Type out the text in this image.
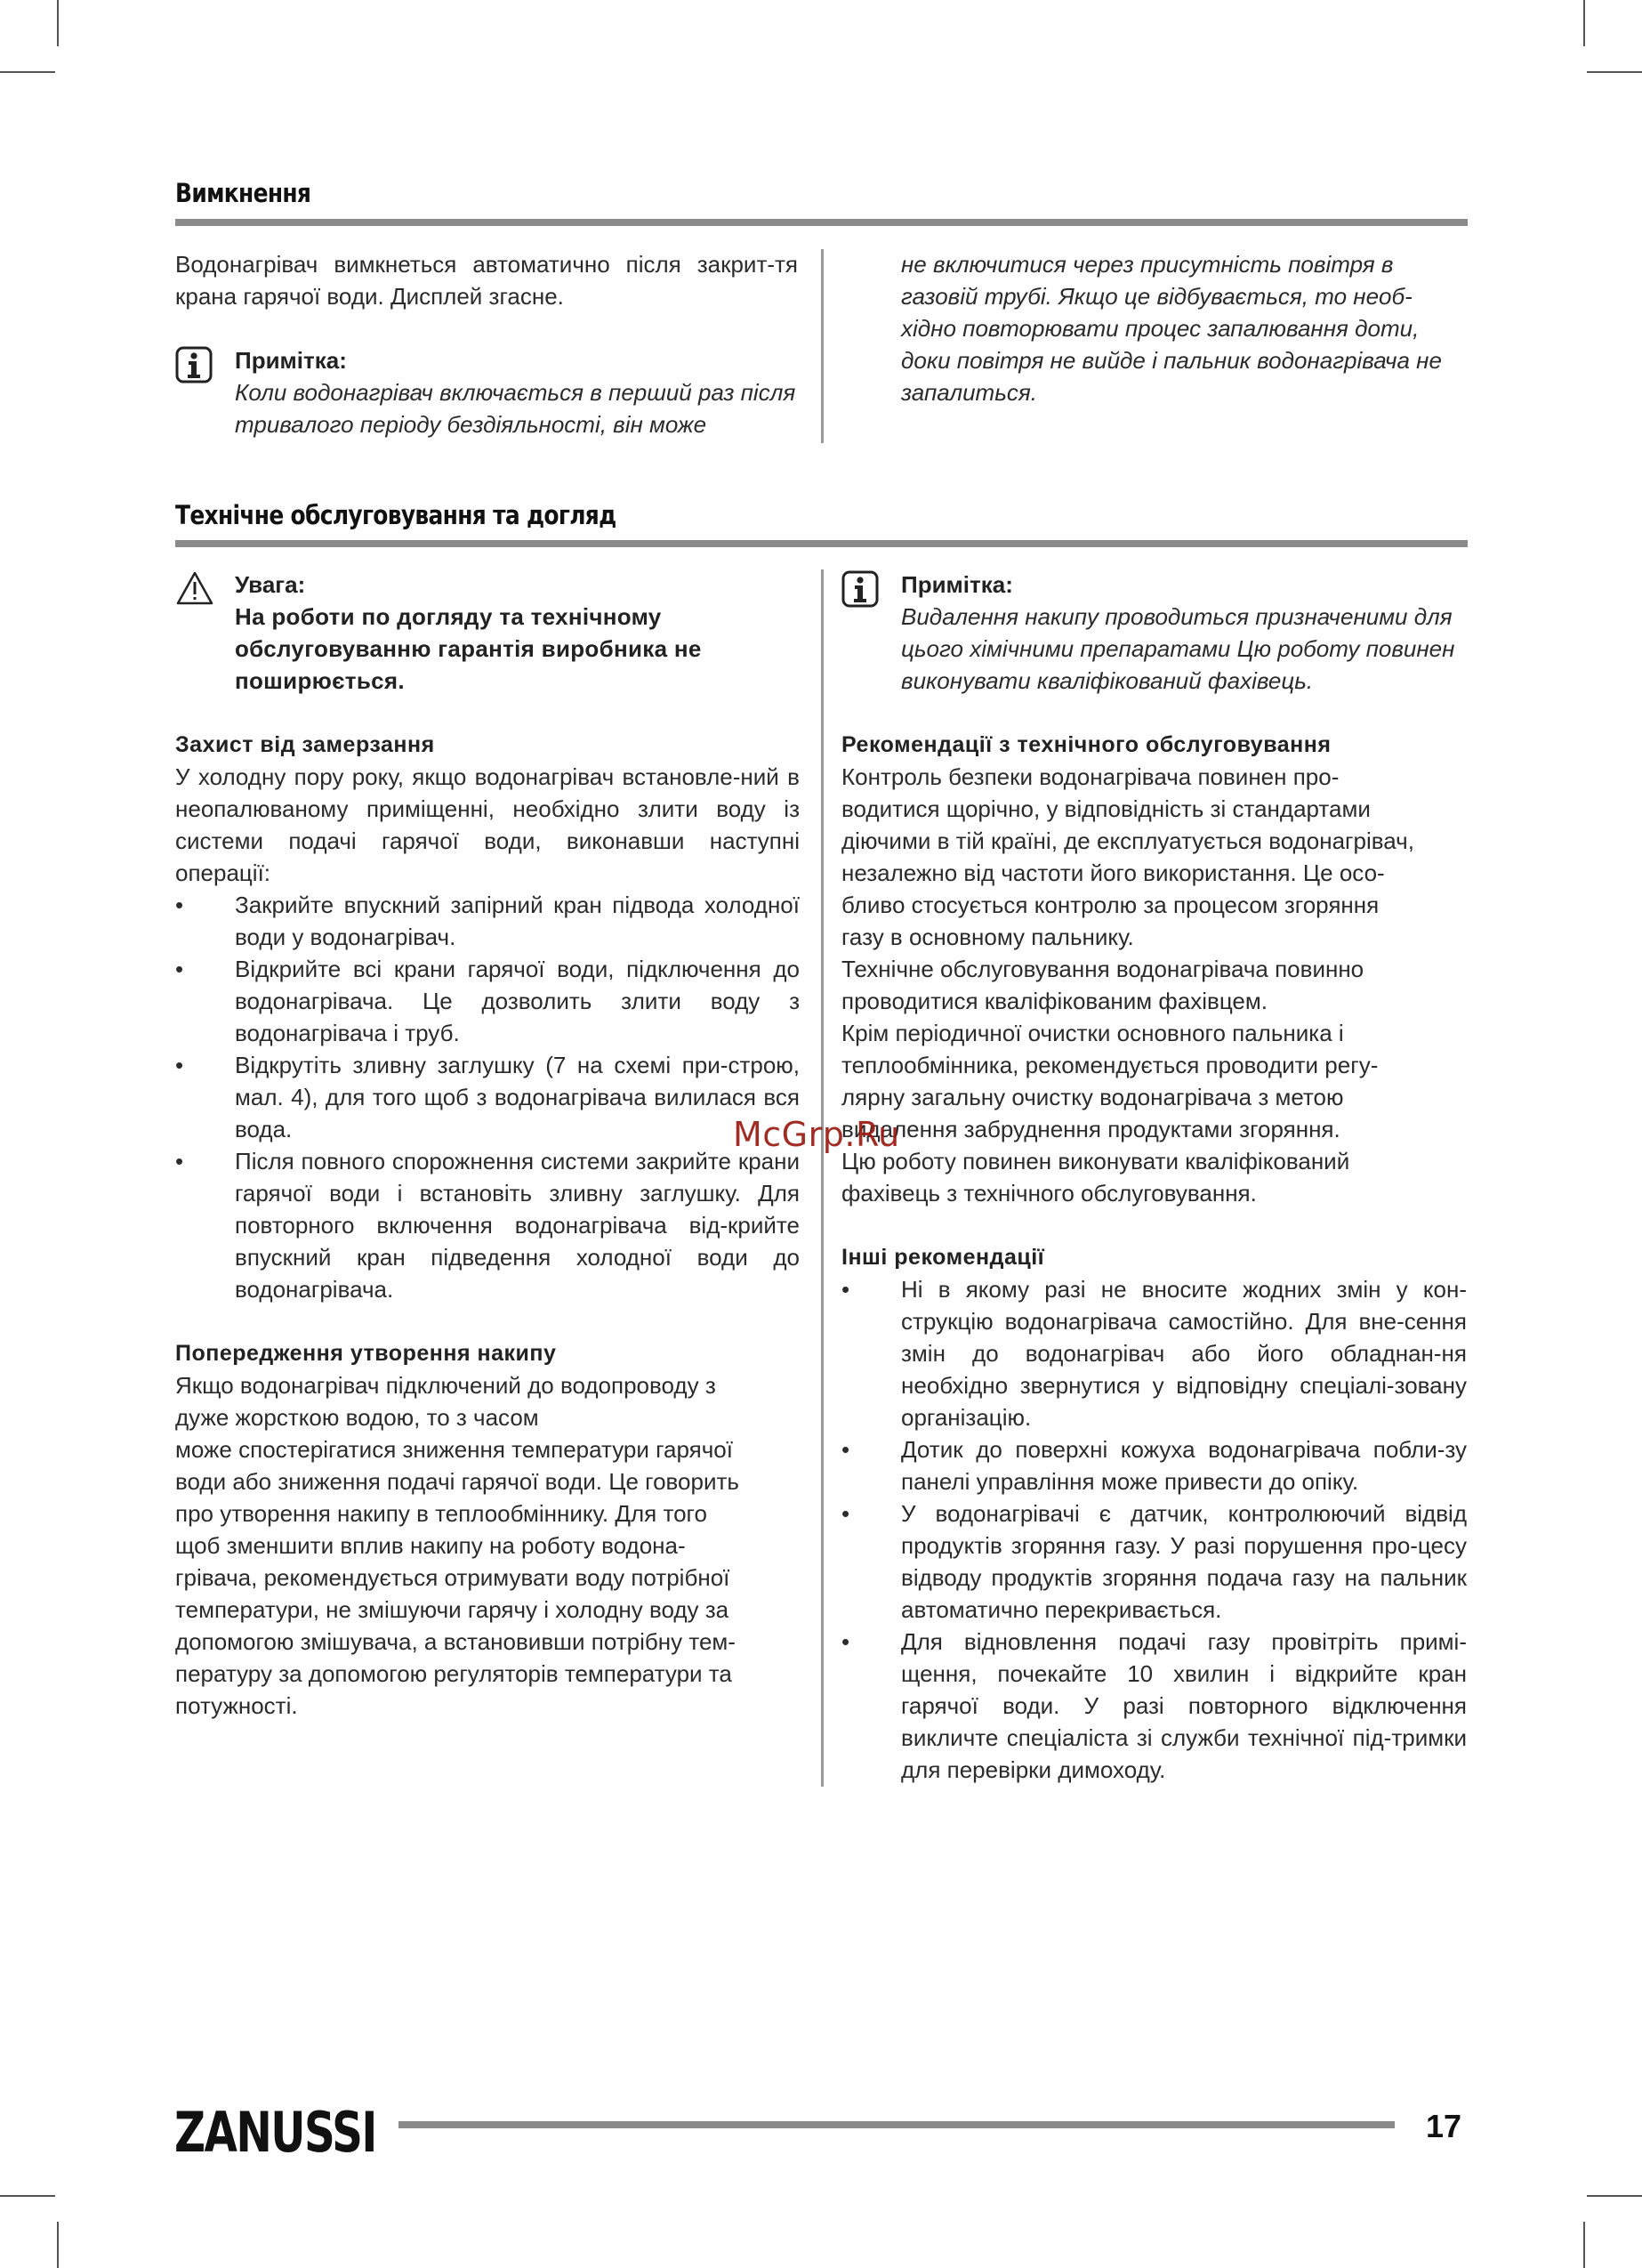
Вимкнення

Водонагрівач вимкнеться автоматично після закрит-тя крана гарячої води. Дисплей згасне.

Примітка:
Коли водонагрівач включається в перший раз після тривалого періоду бездіяльності, він може
не включитися через присутність повітря в газовій трубі. Якщо це відбувається, то необ-хідно повторювати процес запалювання доти, доки повітря не вийде і пальник водонагрівача не запалиться.
Технічне обслуговування та догляд
Увага:
На роботи по догляду та технічному обслуговуванню гарантія виробника не поширюється.
Захист від замерзання

У холодну пору року, якщо водонагрівач встановле-ний в неопалюваному приміщенні, необхідно злити воду із системи подачі гарячої води, виконавши наступні операції:

• Закрийте впускний запірний кран підвода холодної води у водонагрівач.
• Відкрийте всі крани гарячої води, підключення до водонагрівача. Це дозволить злити воду з водонагрівача і труб.
• Відкрутіть зливну заглушку (7 на схемі при-строю, мал. 4), для того щоб з водонагрівача вилилася вся вода.
• Після повного спорожнення системи закрийте крани гарячої води і встановіть зливну заглушку. Для повторного включення водонагрівача від-крийте впускний кран підведення холодної води до водонагрівача.
Попередження утворення накипу
Якщо водонагрівач підключений до водопроводу з
дуже жорсткою водою, то з часом
може спостерігатися зниження температури гарячої
води або зниження подачі гарячої води. Це говорить
про утворення накипу в теплообміннику. Для того
щоб зменшити вплив накипу на роботу водона-
грівача, рекомендується отримувати воду потрібної
температури, не змішуючи гарячу і холодну воду за
допомогою змішувача, а встановивши потрібну тем-
пературу за допомогою регуляторів температури та
потужності.
Примітка:
Видалення накипу проводиться призначеними для цього хімічними препаратами Цю роботу повинен виконувати кваліфікований фахівець.
Рекомендації з технічного обслуговування
Контроль безпеки водонагрівача повинен про-
водитися щорічно, у відповідність зі стандартами
діючими в тій країні, де експлуатується водонагрівач,
незалежно від частоти його використання. Це осо-
бливо стосується контролю за процесом згоряння
газу в основному пальнику.
Технічне обслуговування водонагрівача повинно
проводитися кваліфікованим фахівцем.
Крім періодичної очистки основного пальника і
теплообмінника, рекомендується проводити регу-
лярну загальну очистку водонагрівача з метою
видалення забруднення продуктами згоряння.
Цю роботу повинен виконувати кваліфікований
фахівець з технічного обслуговування.
Інші рекомендації
• Ні в якому разі не вносите жодних змін у кон-струкцію водонагрівача самостійно. Для вне-сення змін до водонагрівач або його обладнан-ня необхідно звернутися у відповідну спеціалі-зовану організацію.
• Дотик до поверхні кожуха водонагрівача побли-зу панелі управління може привести до опіку.
• У водонагрівачі є датчик, контролюючий відвід продуктів згоряння газу. У разі порушення про-цесу відводу продуктів згоряння подача газу на пальник автоматично перекривається.
• Для відновлення подачі газу провітріть примі-щення, почекайте 10 хвилин і відкрийте кран гарячої води. У разі повторного відключення викличте спеціаліста зі служби технічної під-тримки для перевірки димоходу.
McGrp.Ru
ZANUSSI	17
